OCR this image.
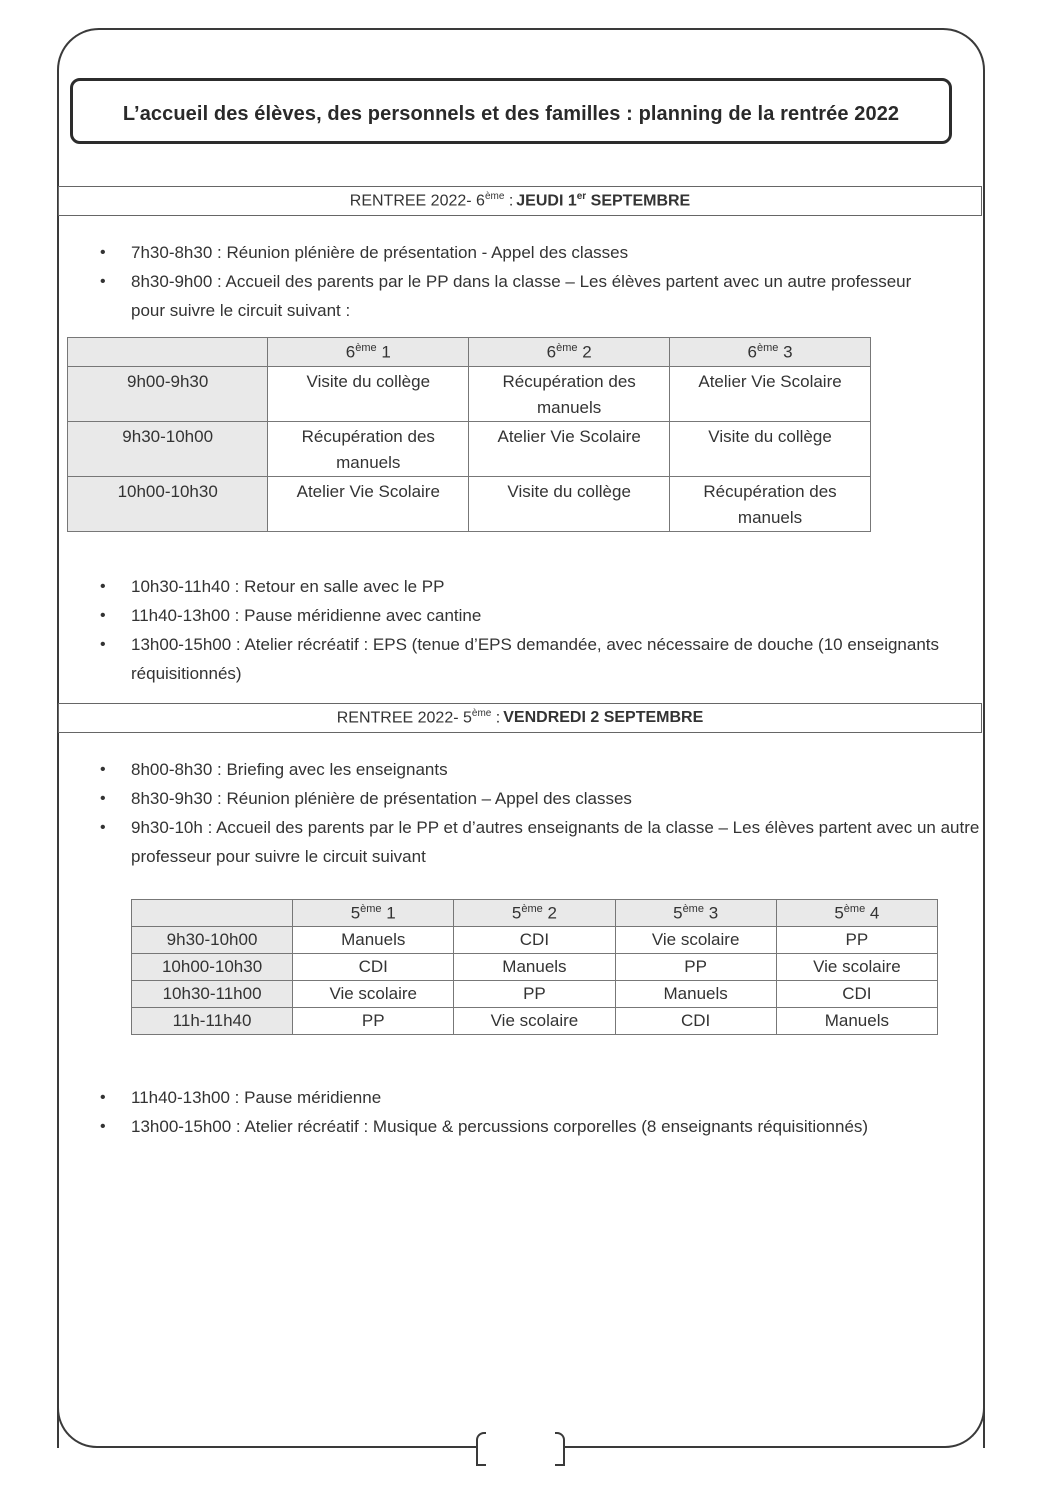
L’accueil des élèves, des personnels et des familles : planning de la rentrée 2022
RENTREE 2022- 6ème : JEUDI 1er SEPTEMBRE
• 7h30-8h30 : Réunion plénière de présentation - Appel des classes
• 8h30-9h00 : Accueil des parents par le PP dans la classe – Les élèves partent avec un autre professeur pour suivre le circuit suivant :
	6ème 1	6ème 2	6ème 3
9h00-9h30	Visite du collège	Récupération des manuels	Atelier Vie Scolaire
9h30-10h00	Récupération des manuels	Atelier Vie Scolaire	Visite du collège
10h00-10h30	Atelier Vie Scolaire	Visite du collège	Récupération des manuels
• 10h30-11h40 : Retour en salle avec le PP
• 11h40-13h00 : Pause méridienne avec cantine
• 13h00-15h00 : Atelier récréatif : EPS (tenue d’EPS demandée, avec nécessaire de douche (10 enseignants réquisitionnés)
RENTREE 2022- 5ème : VENDREDI 2 SEPTEMBRE
• 8h00-8h30 : Briefing avec les enseignants
• 8h30-9h30 : Réunion plénière de présentation – Appel des classes
• 9h30-10h : Accueil des parents par le PP et d’autres enseignants de la classe – Les élèves partent avec un autre professeur pour suivre le circuit suivant
	5ème 1	5ème 2	5ème 3	5ème 4
9h30-10h00	Manuels	CDI	Vie scolaire	PP
10h00-10h30	CDI	Manuels	PP	Vie scolaire
10h30-11h00	Vie scolaire	PP	Manuels	CDI
11h-11h40	PP	Vie scolaire	CDI	Manuels
• 11h40-13h00 : Pause méridienne
• 13h00-15h00 : Atelier récréatif : Musique & percussions corporelles (8 enseignants réquisitionnés)
